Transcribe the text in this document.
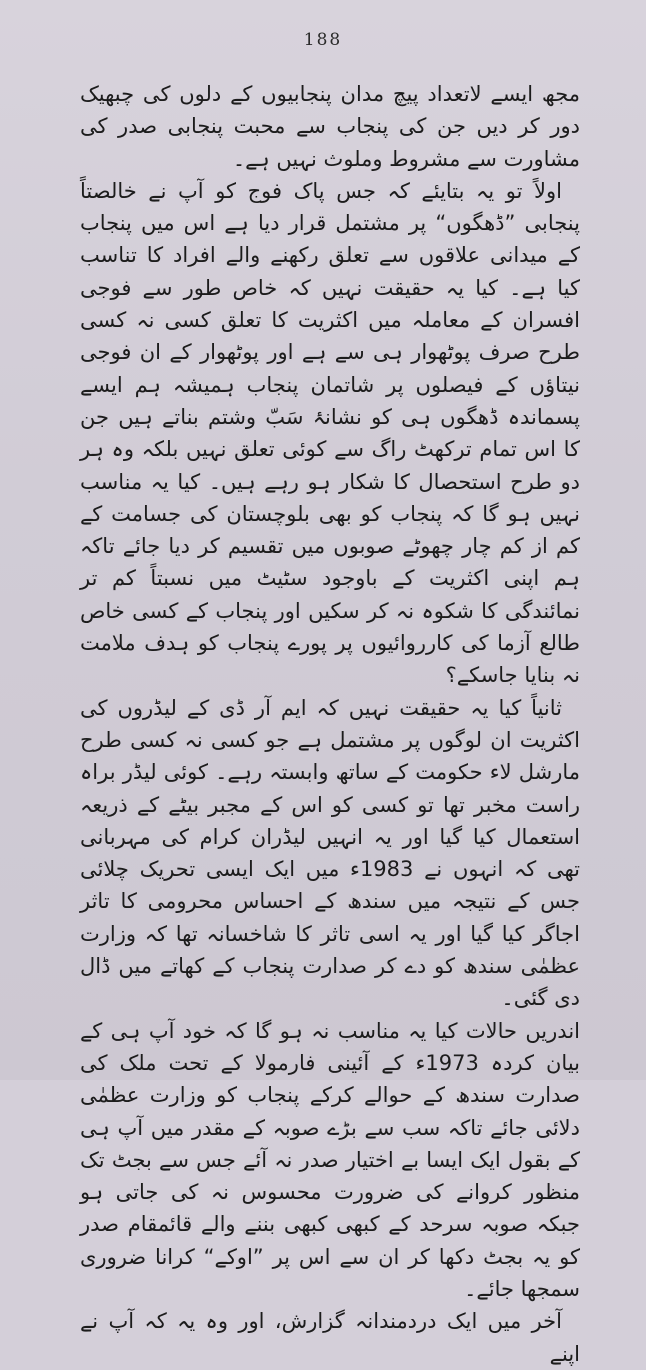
188

مجھ ایسے لاتعداد پیچ مدان پنجابیوں کے دلوں کی چبھیک دور کر دیں جن کی پنجاب سے محبت پنجابی صدر کی مشاورت سے مشروط وملوث نہیں ہے۔

اولاً تو یہ بتایئے کہ جس پاک فوج کو آپ نے خالصتاً پنجابی ”ڈھگوں“ پر مشتمل قرار دیا ہے اس میں پنجاب کے میدانی علاقوں سے تعلق رکھنے والے افراد کا تناسب کیا ہے۔ کیا یہ حقیقت نہیں کہ خاص طور سے فوجی افسران کے معاملہ میں اکثریت کا تعلق کسی نہ کسی طرح صرف پوٹھوار ہی سے ہے اور پوٹھوار کے ان فوجی نیتاؤں کے فیصلوں پر شاتمان پنجاب ہمیشہ ہم ایسے پسماندہ ڈھگوں ہی کو نشانۂ سَبّ وشتم بناتے ہیں جن کا اس تمام ترکھٹ راگ سے کوئی تعلق نہیں بلکہ وہ ہر دو طرح استحصال کا شکار ہو رہے ہیں۔ کیا یہ مناسب نہیں ہو گا کہ پنجاب کو بھی بلوچستان کی جسامت کے کم از کم چار چھوٹے صوبوں میں تقسیم کر دیا جائے تاکہ ہم اپنی اکثریت کے باوجود سٹیٹ میں نسبتاً کم تر نمائندگی کا شکوہ نہ کر سکیں اور پنجاب کے کسی خاص طالع آزما کی کارروائیوں پر پورے پنجاب کو ہدف ملامت نہ بنایا جاسکے؟

ثانیاً کیا یہ حقیقت نہیں کہ ایم آر ڈی کے لیڈروں کی اکثریت ان لوگوں پر مشتمل ہے جو کسی نہ کسی طرح مارشل لاء حکومت کے ساتھ وابستہ رہے۔ کوئی لیڈر براہ راست مخبر تھا تو کسی کو اس کے مجبر بیٹے کے ذریعہ استعمال کیا گیا اور یہ انہیں لیڈران کرام کی مہربانی تھی کہ انہوں نے 1983ء میں ایک ایسی تحریک چلائی جس کے نتیجہ میں سندھ کے احساس محرومی کا تاثر اجاگر کیا گیا اور یہ اسی تاثر کا شاخسانہ تھا کہ وزارت عظمٰی سندھ کو دے کر صدارت پنجاب کے کھاتے میں ڈال دی گئی۔

اندریں حالات کیا یہ مناسب نہ ہو گا کہ خود آپ ہی کے بیان کردہ 1973ء کے آئینی فارمولا کے تحت ملک کی صدارت سندھ کے حوالے کرکے پنجاب کو وزارت عظمٰی دلائی جائے تاکہ سب سے بڑے صوبہ کے مقدر میں آپ ہی کے بقول ایک ایسا بے اختیار صدر نہ آئے جس سے بجٹ تک منظور کروانے کی ضرورت محسوس نہ کی جاتی ہو جبکہ صوبہ سرحد کے کبھی کبھی بننے والے قائمقام صدر کو یہ بجٹ دکھا کر ان سے اس پر ”اوکے“ کرانا ضروری سمجھا جائے۔

آخر میں ایک دردمندانہ گزارش، اور وہ یہ کہ آپ نے اپنے
